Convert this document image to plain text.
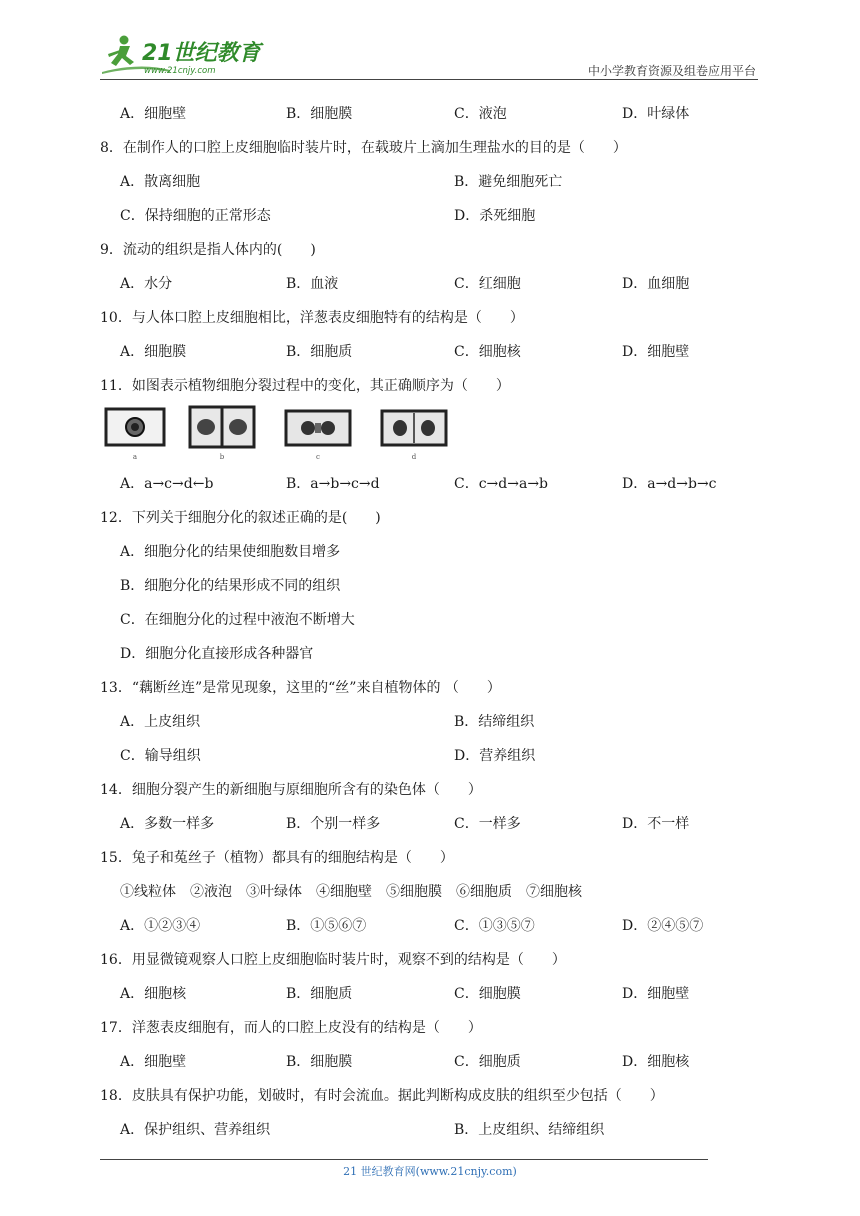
21世纪教育
www.21cnjy.com	中小学教育资源及组卷应用平台
A．细胞壁	B．细胞膜	C．液泡	D．叶绿体
8．在制作人的口腔上皮细胞临时装片时，在载玻片上滴加生理盐水的目的是（　　）
A．散离细胞	B．避免细胞死亡
C．保持细胞的正常形态	D．杀死细胞
9．流动的组织是指人体内的(　　)
A．水分	B．血液	C．红细胞	D．血细胞
10．与人体口腔上皮细胞相比，洋葱表皮细胞特有的结构是（　　）
A．细胞膜	B．细胞质	C．细胞核	D．细胞壁
11．如图表示植物细胞分裂过程中的变化，其正确顺序为（　　）
a	b	c	d
A．a→c→d←b	B．a→b→c→d	C．c→d→a→b	D．a→d→b→c
12．下列关于细胞分化的叙述正确的是(　　)
A．细胞分化的结果使细胞数目增多
B．细胞分化的结果形成不同的组织
C．在细胞分化的过程中液泡不断增大
D．细胞分化直接形成各种器官
13．“藕断丝连”是常见现象，这里的“丝”来自植物体的 （　　）
A．上皮组织	B．结缔组织
C．输导组织	D．营养组织
14．细胞分裂产生的新细胞与原细胞所含有的染色体（　　）
A．多数一样多	B．个别一样多	C．一样多	D．不一样
15．兔子和菟丝子（植物）都具有的细胞结构是（　　）
①线粒体　②液泡　③叶绿体　④细胞壁　⑤细胞膜　⑥细胞质　⑦细胞核
A．①②③④	B．①⑤⑥⑦	C．①③⑤⑦	D．②④⑤⑦
16．用显微镜观察人口腔上皮细胞临时装片时，观察不到的结构是（　　）
A．细胞核	B．细胞质	C．细胞膜	D．细胞壁
17．洋葱表皮细胞有，而人的口腔上皮没有的结构是（　　）
A．细胞壁	B．细胞膜	C．细胞质	D．细胞核
18．皮肤具有保护功能，划破时，有时会流血。据此判断构成皮肤的组织至少包括（　　）
A．保护组织、营养组织	B．上皮组织、结缔组织
21 世纪教育网(www.21cnjy.com)
